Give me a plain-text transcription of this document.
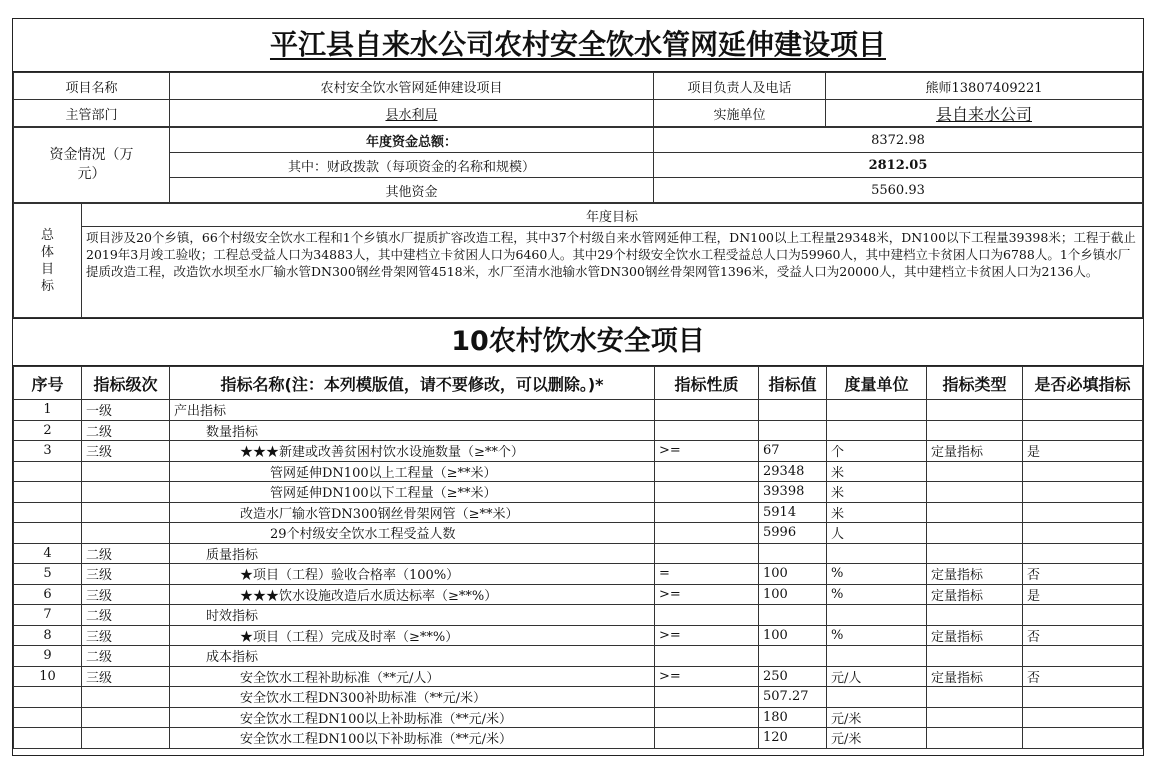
平江县自来水公司农村安全饮水管网延伸建设项目
项目名称	农村安全饮水管网延伸建设项目	项目负责人及电话	熊师13807409221
主管部门	县水利局	实施单位	县自来水公司
资金情况（万元）	年度资金总额：	8372.98
	其中：财政拨款（每项资金的名称和规模）	2812.05
	其他资金	5560.93
总体目标	年度目标
项目涉及20个乡镇，66个村级安全饮水工程和1个乡镇水厂提质扩容改造工程，其中37个村级自来水管网延伸工程，DN100以上工程量29348米，DN100以下工程量39398米；工程于截止2019年3月竣工验收；工程总受益人口为34883人，其中建档立卡贫困人口为6460人。其中29个村级安全饮水工程受益总人口为59960人，其中建档立卡贫困人口为6788人。1个乡镇水厂提质改造工程，改造饮水坝至水厂输水管DN300钢丝骨架网管4518米，水厂至清水池输水管DN300钢丝骨架网管1396米，受益人口为20000人，其中建档立卡贫困人口为2136人。
10农村饮水安全项目
序号	指标级次	指标名称(注：本列模版值，请不要修改，可以删除。)*	指标性质	指标值	度量单位	指标类型	是否必填指标
1	一级	产出指标					
2	二级	数量指标					
3	三级	★★★新建或改善贫困村饮水设施数量（≥**个）	>=	67	个	定量指标	是
		管网延伸DN100以上工程量（≥**米）		29348	米		
		管网延伸DN100以下工程量（≥**米）		39398	米		
		改造水厂输水管DN300钢丝骨架网管（≥**米）		5914	米		
		29个村级安全饮水工程受益人数		5996	人		
4	二级	质量指标					
5	三级	★项目（工程）验收合格率（100%）	=	100	%	定量指标	否
6	三级	★★★饮水设施改造后水质达标率（≥**%）	>=	100	%	定量指标	是
7	二级	时效指标					
8	三级	★项目（工程）完成及时率（≥**%）	>=	100	%	定量指标	否
9	二级	成本指标					
10	三级	安全饮水工程补助标准（**元/人）	>=	250	元/人	定量指标	否
		安全饮水工程DN300补助标准（**元/米）		507.27			
		安全饮水工程DN100以上补助标准（**元/米）		180	元/米		
		安全饮水工程DN100以下补助标准（**元/米）		120	元/米		
